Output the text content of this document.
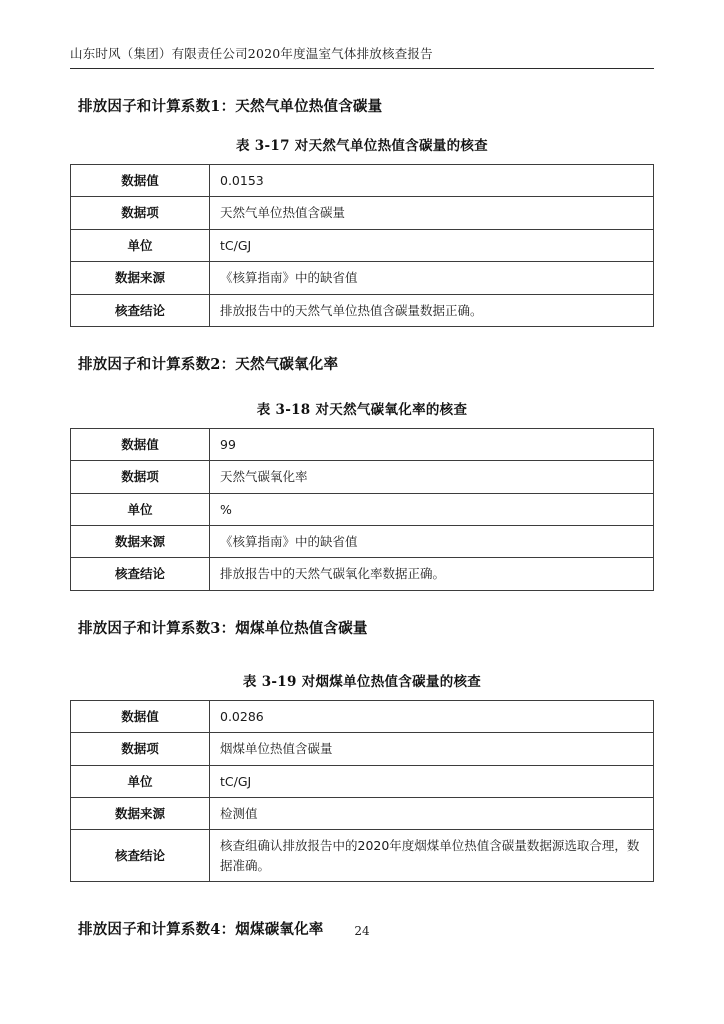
山东时风（集团）有限责任公司2020年度温室气体排放核查报告
排放因子和计算系数1：天然气单位热值含碳量
表 3-17 对天然气单位热值含碳量的核查
数据值	0.0153
数据项	天然气单位热值含碳量
单位	tC/GJ
数据来源	《核算指南》中的缺省值
核查结论	排放报告中的天然气单位热值含碳量数据正确。
排放因子和计算系数2：天然气碳氧化率
表 3-18 对天然气碳氧化率的核查
数据值	99
数据项	天然气碳氧化率
单位	%
数据来源	《核算指南》中的缺省值
核查结论	排放报告中的天然气碳氧化率数据正确。
排放因子和计算系数3：烟煤单位热值含碳量
表 3-19 对烟煤单位热值含碳量的核查
数据值	0.0286
数据项	烟煤单位热值含碳量
单位	tC/GJ
数据来源	检测值
核查结论	核查组确认排放报告中的2020年度烟煤单位热值含碳量数据源选取合理，数据准确。
排放因子和计算系数4：烟煤碳氧化率	24
